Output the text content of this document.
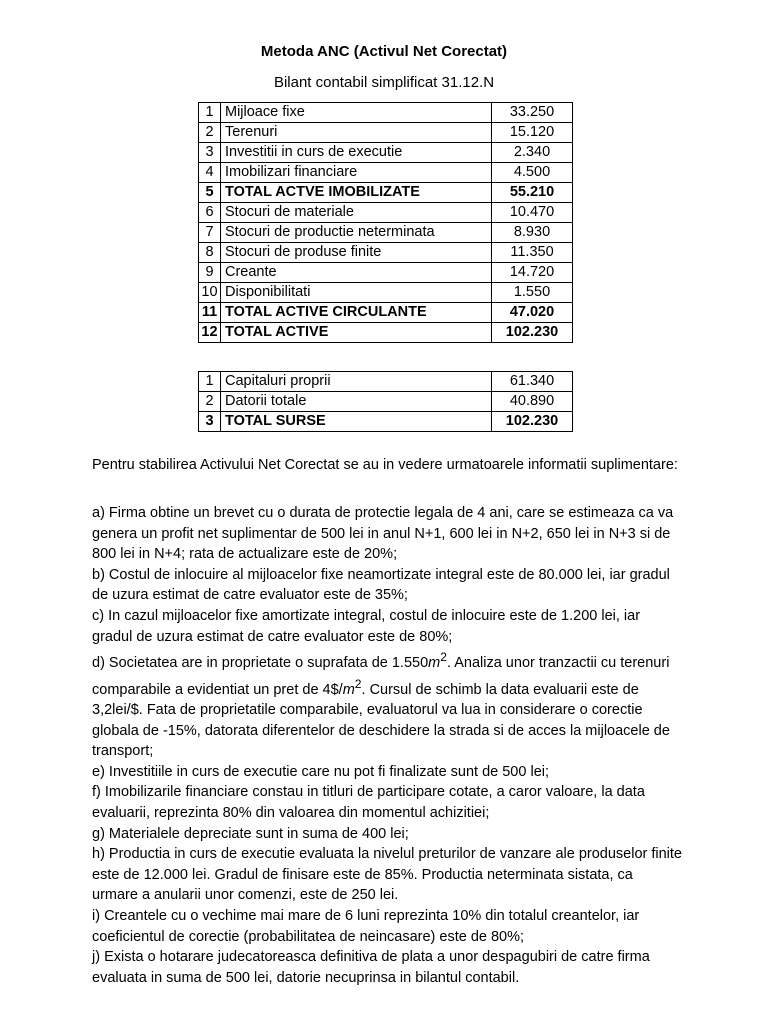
Metoda ANC (Activul Net Corectat)
Bilant contabil simplificat 31.12.N
1	Mijloace fixe	33.250
2	Terenuri	15.120
3	Investitii in curs de executie	2.340
4	Imobilizari financiare	4.500
5	TOTAL ACTVE IMOBILIZATE	55.210
6	Stocuri de materiale	10.470
7	Stocuri de productie neterminata	8.930
8	Stocuri de produse finite	11.350
9	Creante	14.720
10	Disponibilitati	1.550
11	TOTAL ACTIVE CIRCULANTE	47.020
12	TOTAL ACTIVE	102.230
1	Capitaluri proprii	61.340
2	Datorii totale	40.890
3	TOTAL SURSE	102.230

Pentru stabilirea Activului Net Corectat se au in vedere urmatoarele informatii suplimentare:

a) Firma obtine un brevet cu o durata de protectie legala de 4 ani, care se estimeaza ca va genera un profit net suplimentar de 500 lei in anul N+1, 600 lei in N+2, 650 lei in N+3 si de 800 lei in N+4; rata de actualizare este de 20%;

b) Costul de inlocuire al mijloacelor fixe neamortizate integral este de 80.000 lei, iar gradul de uzura estimat de catre evaluator este de 35%;

c) In cazul mijloacelor fixe amortizate integral, costul de inlocuire este de 1.200 lei, iar gradul de uzura estimat de catre evaluator este de 80%;

d) Societatea are in proprietate o suprafata de $1.550m^2$. Analiza unor tranzactii cu terenuri comparabile a evidentiat un pret de $4\$/m^2$. Cursul de schimb la data evaluarii este de 3,2lei/$. Fata de proprietatile comparabile, evaluatorul va lua in considerare o corectie globala de -15%, datorata diferentelor de deschidere la strada si de acces la mijloacele de transport;

e) Investitiile in curs de executie care nu pot fi finalizate sunt de 500 lei;

f) Imobilizarile financiare constau in titluri de participare cotate, a caror valoare, la data evaluarii, reprezinta 80% din valoarea din momentul achizitiei;

g) Materialele depreciate sunt in suma de 400 lei;

h) Productia in curs de executie evaluata la nivelul preturilor de vanzare ale produselor finite este de 12.000 lei. Gradul de finisare este de 85%. Productia neterminata sistata, ca urmare a anularii unor comenzi, este de 250 lei.

i) Creantele cu o vechime mai mare de 6 luni reprezinta 10% din totalul creantelor, iar coeficientul de corectie (probabilitatea de neincasare) este de 80%;

j) Exista o hotarare judecatoreasca definitiva de plata a unor despagubiri de catre firma evaluata in suma de 500 lei, datorie necuprinsa in bilantul contabil.
